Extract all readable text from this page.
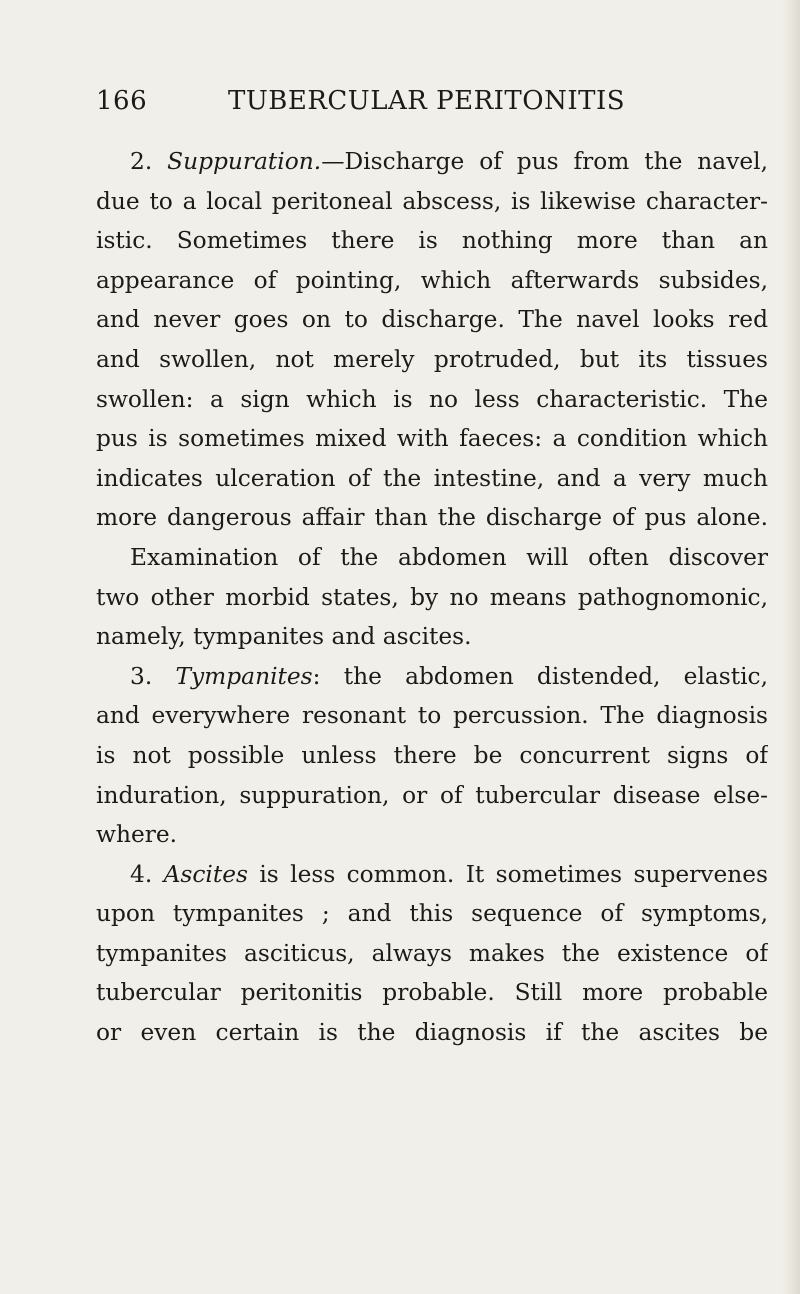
166	TUBERCULAR PERITONITIS
2. Suppuration.—Discharge of pus from the navel,
due to a local peritoneal abscess, is likewise character-
istic. Sometimes there is nothing more than an
appearance of pointing, which afterwards subsides,
and never goes on to discharge. The navel looks red
and swollen, not merely protruded, but its tissues
swollen: a sign which is no less characteristic. The
pus is sometimes mixed with faeces: a condition which
indicates ulceration of the intestine, and a very much
more dangerous affair than the discharge of pus alone.
Examination of the abdomen will often discover
two other morbid states, by no means pathognomonic,
namely, tympanites and ascites.
3. Tympanites: the abdomen distended, elastic,
and everywhere resonant to percussion. The diagnosis
is not possible unless there be concurrent signs of
induration, suppuration, or of tubercular disease else-
where.
4. Ascites is less common. It sometimes supervenes
upon tympanites ; and this sequence of symptoms,
tympanites asciticus, always makes the existence of
tubercular peritonitis probable. Still more probable
or even certain is the diagnosis if the ascites be
